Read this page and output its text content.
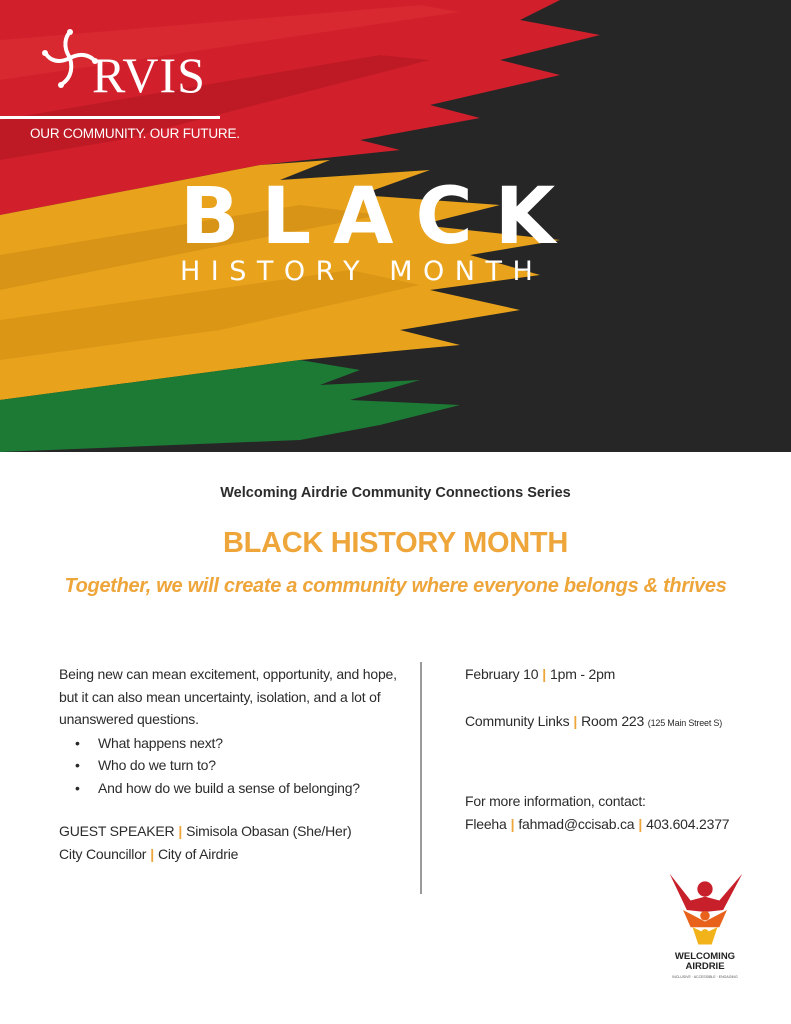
RVIS
OUR COMMUNITY. OUR FUTURE.
BLACK
HISTORY MONTH
Welcoming Airdrie Community Connections Series
BLACK HISTORY MONTH
Together, we will create a community where everyone belongs & thrives

Being new can mean excitement, opportunity, and hope, but it can also mean uncertainty, isolation, and a lot of unanswered questions.

• What happens next?
• Who do we turn to?
• And how do we build a sense of belonging?
GUEST SPEAKER | Simisola Obasan (She/Her)
City Councillor | City of Airdrie
February 10 | 1pm - 2pm
Community Links | Room 223 (125 Main Street S)
For more information, contact:
Fleeha | fahmad@ccisab.ca | 403.604.2377
WELCOMING
AIRDRIE
INCLUSIVE · ACCESSIBLE · ENGAGING
